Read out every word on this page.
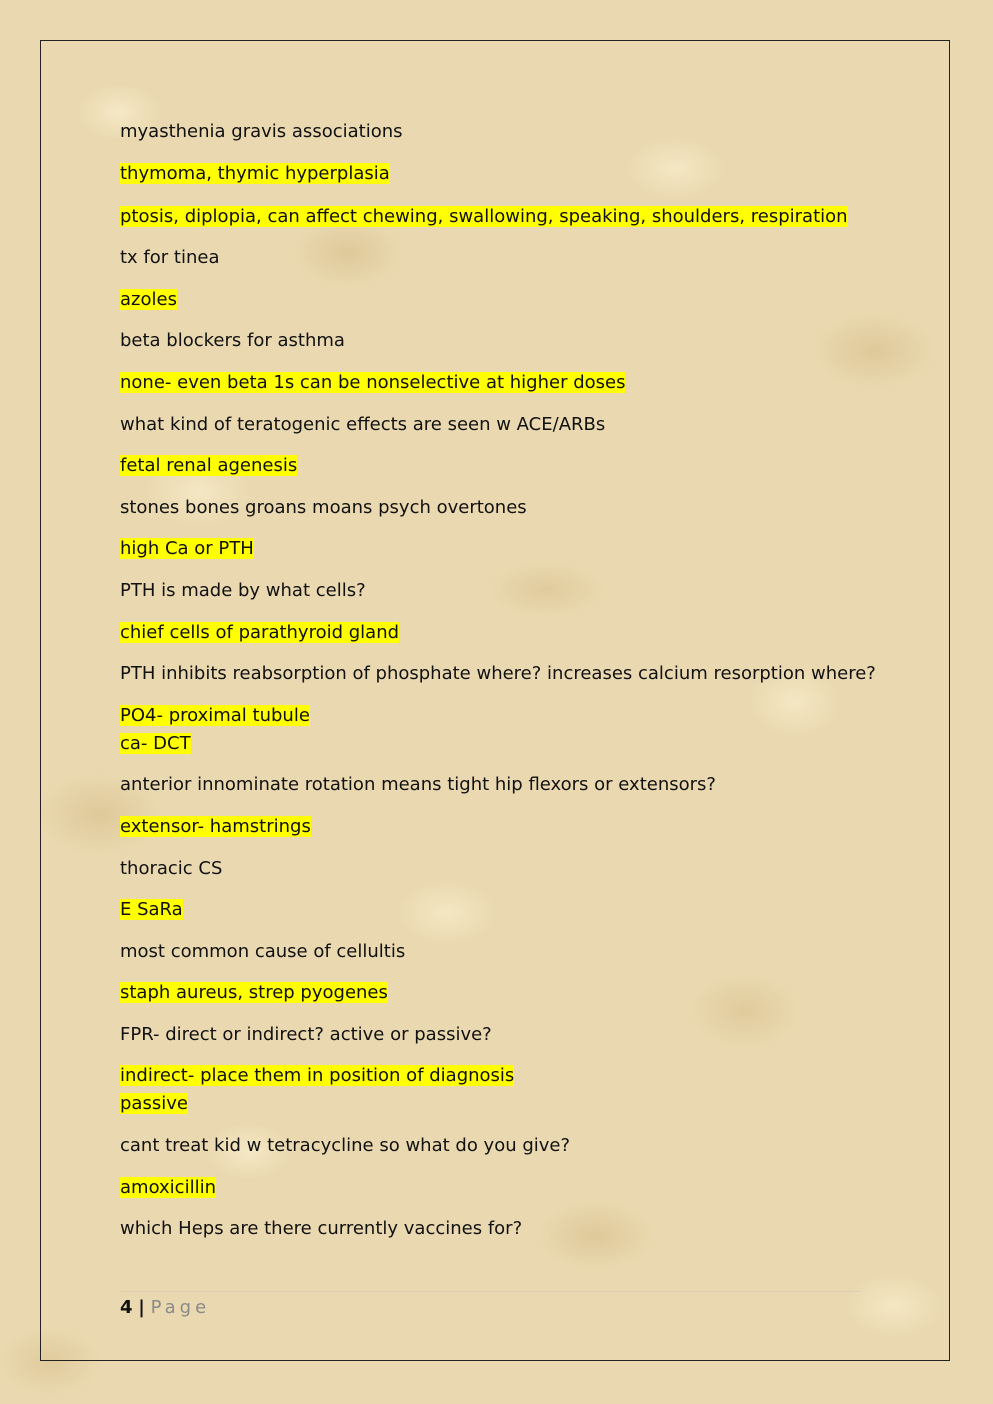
myasthenia gravis associations
thymoma, thymic hyperplasia
ptosis, diplopia, can affect chewing, swallowing, speaking, shoulders, respiration
tx for tinea
azoles
beta blockers for asthma
none- even beta 1s can be nonselective at higher doses
what kind of teratogenic effects are seen w ACE/ARBs
fetal renal agenesis
stones bones groans moans psych overtones
high Ca or PTH
PTH is made by what cells?
chief cells of parathyroid gland
PTH inhibits reabsorption of phosphate where? increases calcium resorption where?
PO4- proximal tubule
ca- DCT
anterior innominate rotation means tight hip flexors or extensors?
extensor- hamstrings
thoracic CS
E SaRa
most common cause of cellultis
staph aureus, strep pyogenes
FPR- direct or indirect? active or passive?
indirect- place them in position of diagnosis
passive
cant treat kid w tetracycline so what do you give?
amoxicillin
which Heps are there currently vaccines for?
4 | Page
